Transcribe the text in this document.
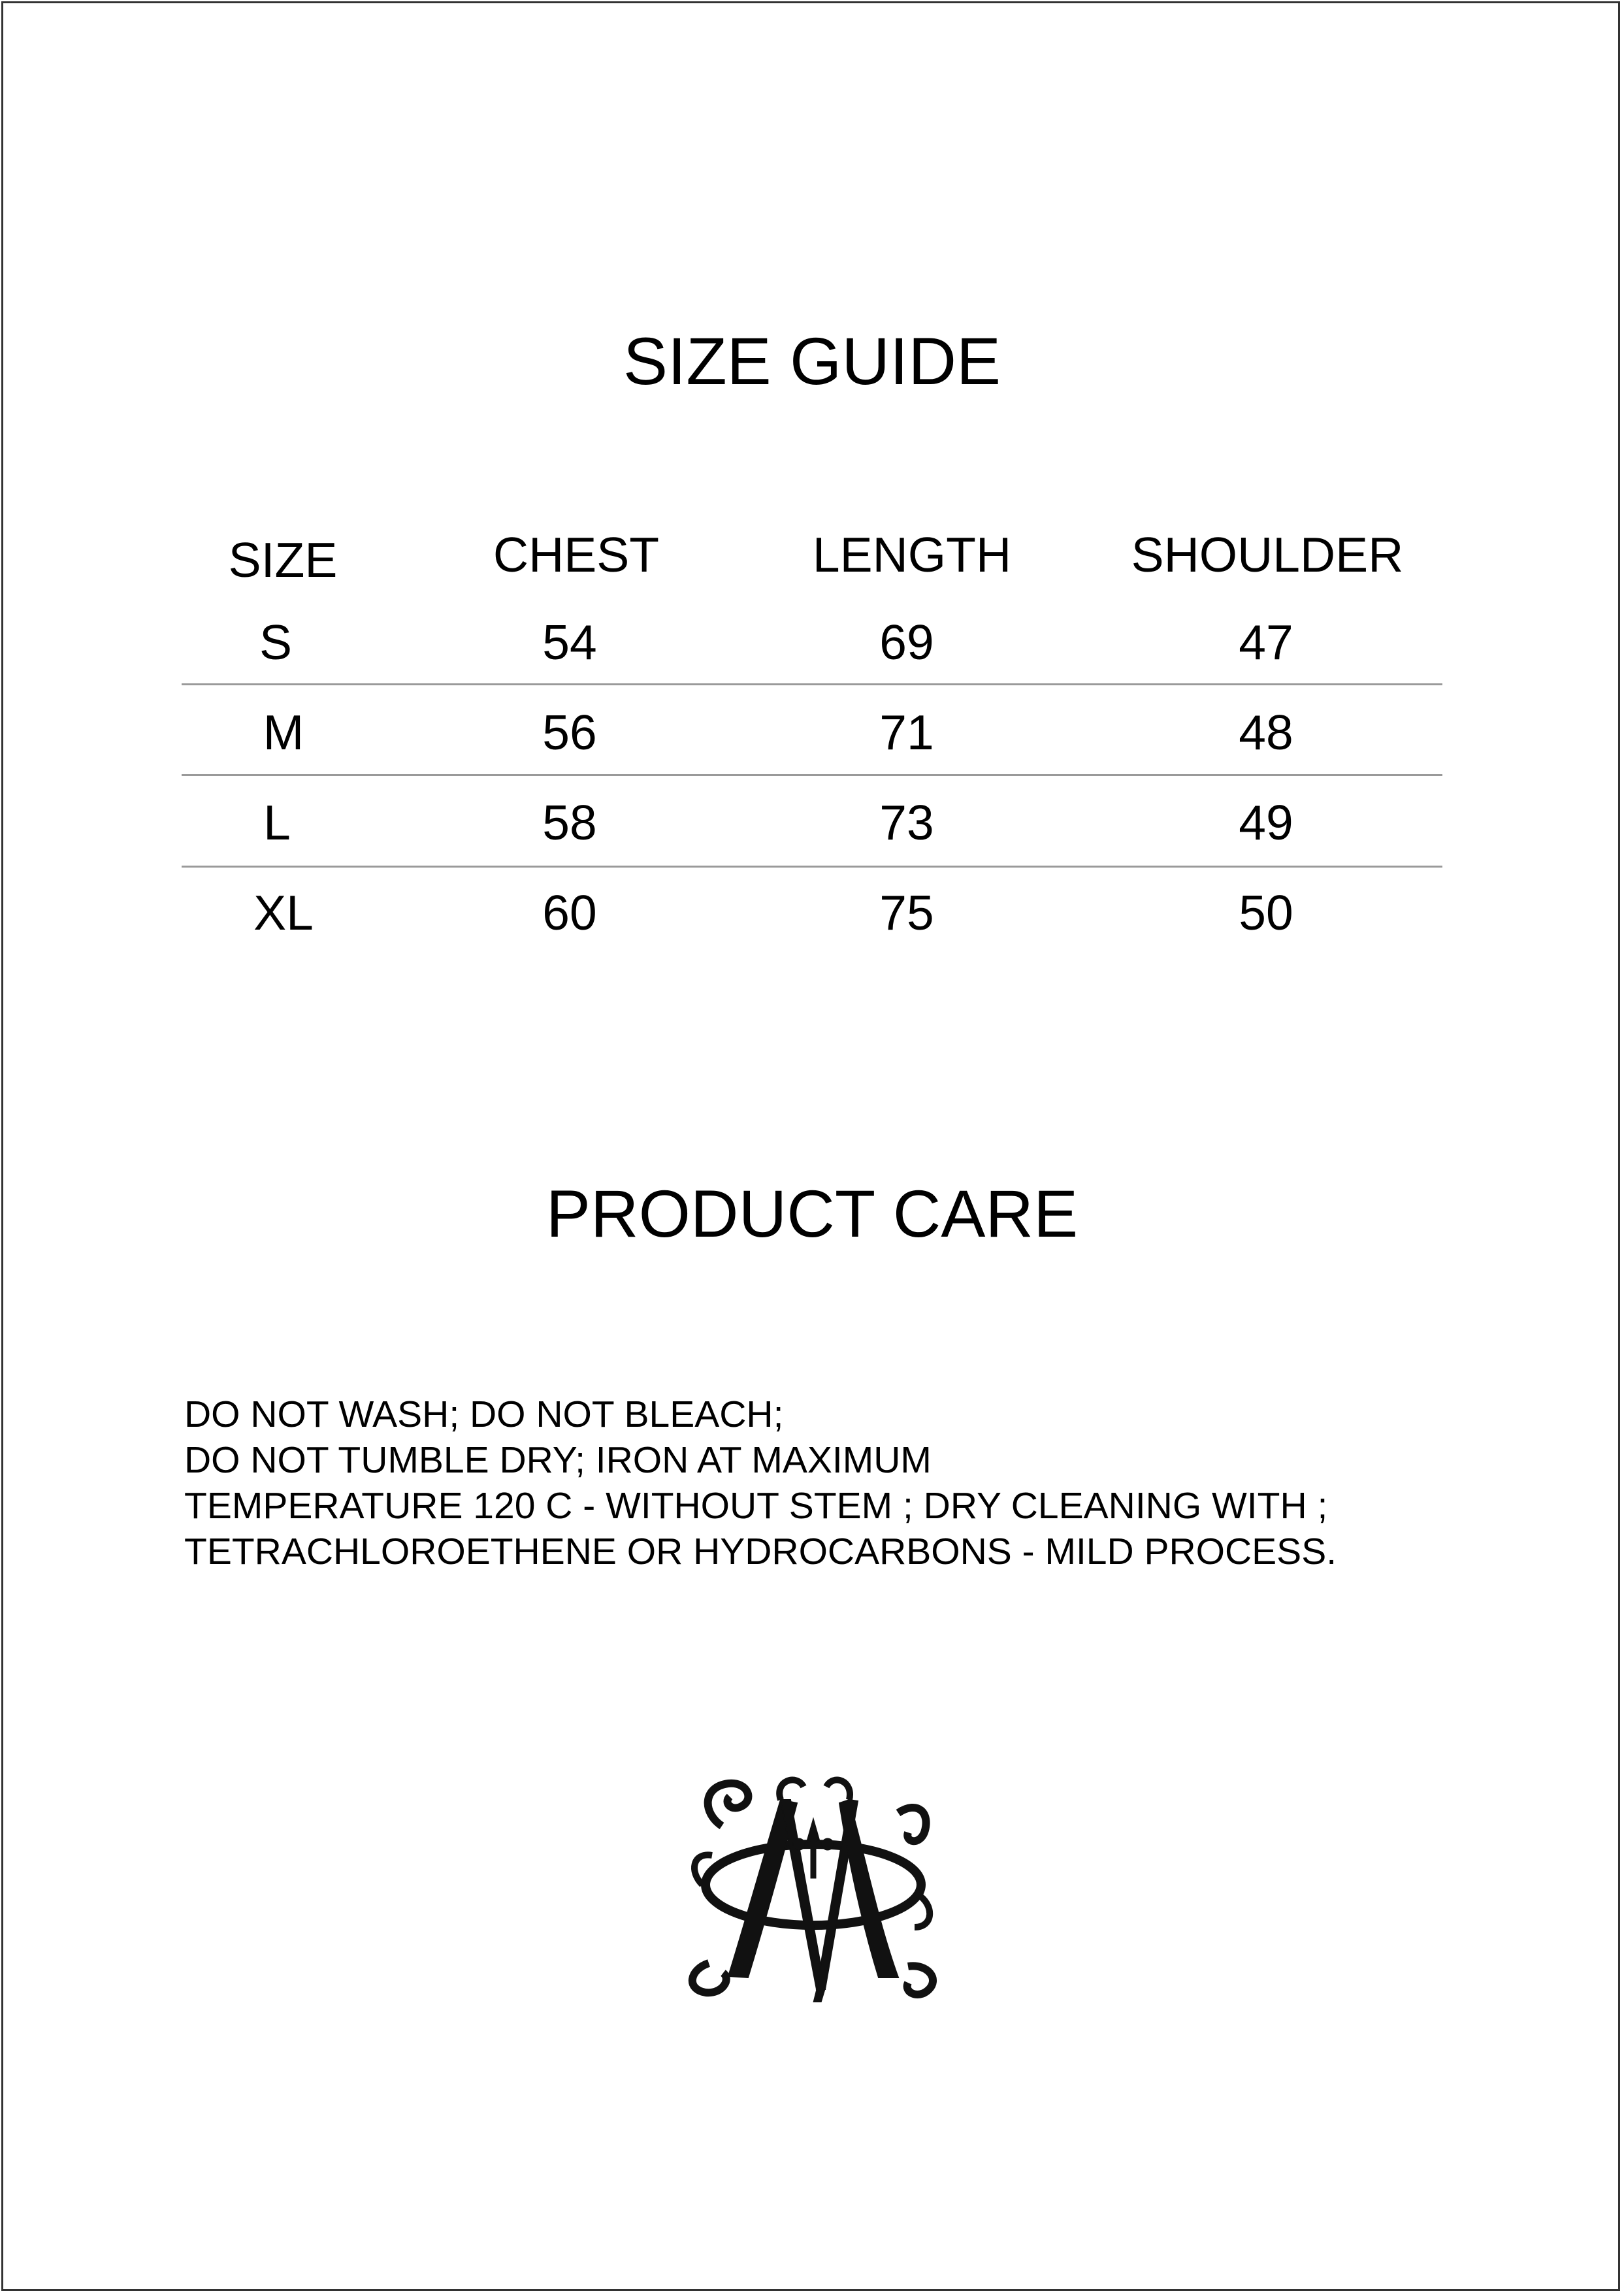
SIZE GUIDE
SIZE	CHEST	LENGTH	SHOULDER
S	54	69	47
M	56	71	48
L	58	73	49
XL	60	75	50
PRODUCT CARE
DO NOT WASH; DO NOT BLEACH;
DO NOT TUMBLE DRY; IRON AT MAXIMUM
TEMPERATURE 120 C - WITHOUT STEM ; DRY CLEANING WITH ;
TETRACHLOROETHENE OR HYDROCARBONS - MILD PROCESS.
